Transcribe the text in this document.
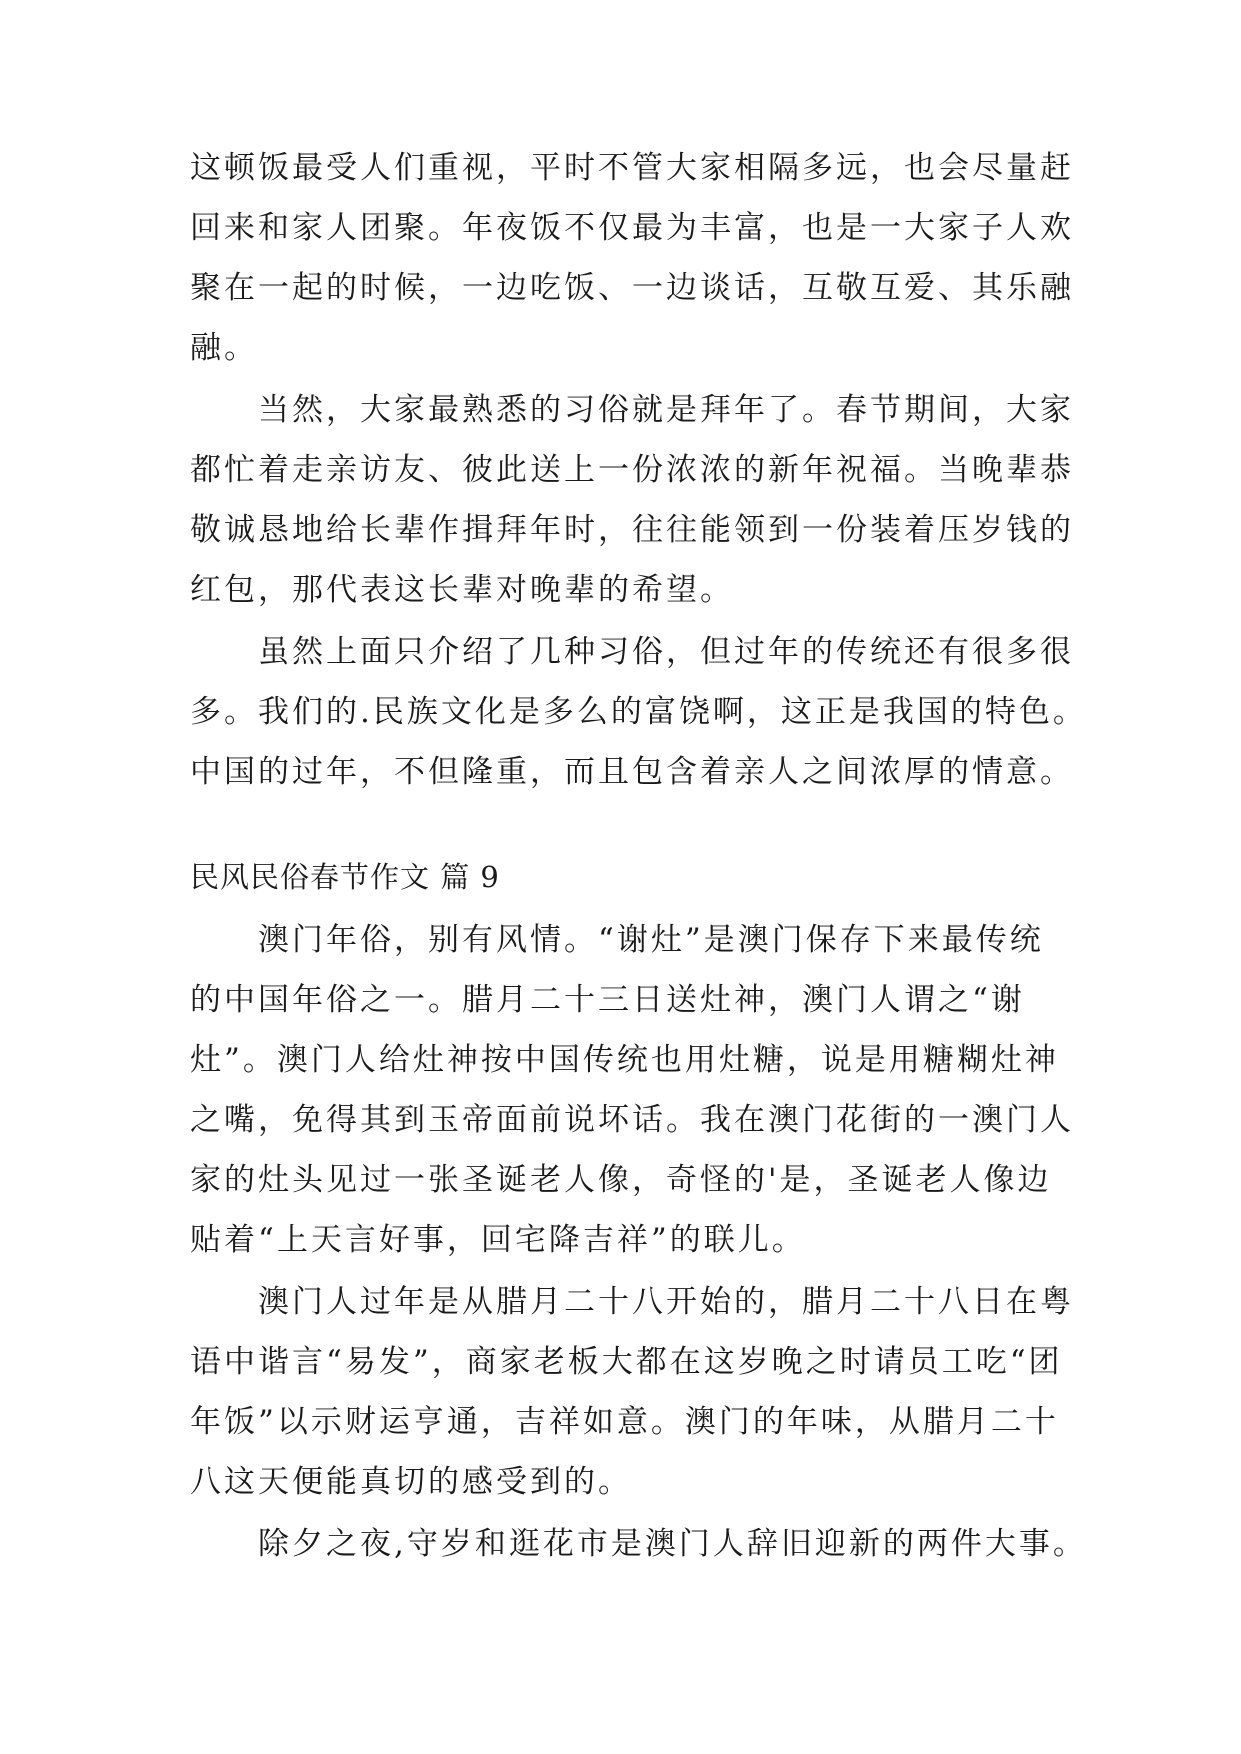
这顿饭最受人们重视，平时不管大家相隔多远，也会尽量赶
回来和家人团聚。年夜饭不仅最为丰富，也是一大家子人欢
聚在一起的时候，一边吃饭、一边谈话，互敬互爱、其乐融
融。
当然，大家最熟悉的习俗就是拜年了。春节期间，大家
都忙着走亲访友、彼此送上一份浓浓的新年祝福。当晚辈恭
敬诚恳地给长辈作揖拜年时，往往能领到一份装着压岁钱的
红包，那代表这长辈对晚辈的希望。
虽然上面只介绍了几种习俗，但过年的传统还有很多很
多。我们的.民族文化是多么的富饶啊，这正是我国的特色。
中国的过年，不但隆重，而且包含着亲人之间浓厚的情意。
民风民俗春节作文 篇 9
澳门年俗，别有风情。“谢灶”是澳门保存下来最传统
的中国年俗之一。腊月二十三日送灶神，澳门人谓之“谢
灶”。澳门人给灶神按中国传统也用灶糖，说是用糖糊灶神
之嘴，免得其到玉帝面前说坏话。我在澳门花街的一澳门人
家的灶头见过一张圣诞老人像，奇怪的'是，圣诞老人像边
贴着“上天言好事，回宅降吉祥”的联儿。
澳门人过年是从腊月二十八开始的，腊月二十八日在粤
语中谐言“易发”，商家老板大都在这岁晚之时请员工吃“团
年饭”以示财运亨通，吉祥如意。澳门的年味，从腊月二十
八这天便能真切的感受到的。
除夕之夜,守岁和逛花市是澳门人辞旧迎新的两件大事。
